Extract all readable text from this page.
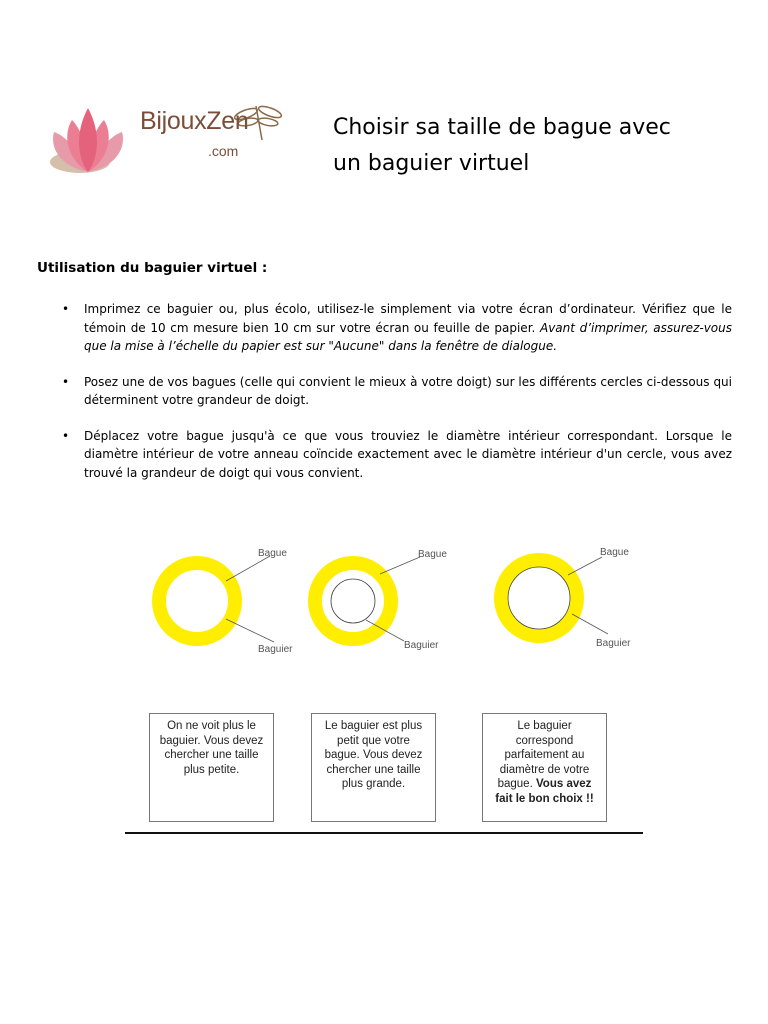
BijouxZen
.com
Choisir sa taille de bague avec
un baguier virtuel
Utilisation du baguier virtuel :
• Imprimez ce baguier ou, plus écolo, utilisez-le simplement via votre écran d’ordinateur. Vérifiez que le témoin de 10 cm mesure bien 10 cm sur votre écran ou feuille de papier. Avant d’imprimer, assurez-vous que la mise à l’échelle du papier est sur "Aucune" dans la fenêtre de dialogue.
• Posez une de vos bagues (celle qui convient le mieux à votre doigt) sur les différents cercles ci-dessous qui déterminent votre grandeur de doigt.
• Déplacez votre bague jusqu'à ce que vous trouviez le diamètre intérieur correspondant. Lorsque le diamètre intérieur de votre anneau coïncide exactement avec le diamètre intérieur d'un cercle, vous avez trouvé la grandeur de doigt qui vous convient.
Bague
Baguier
Bague
Baguier
Bague
Baguier
On ne voit plus le baguier. Vous devez chercher une taille plus petite.
Le baguier est plus petit que votre bague. Vous devez chercher une taille plus grande.
Le baguier correspond parfaitement au diamètre de votre bague. Vous avez fait le bon choix !!
